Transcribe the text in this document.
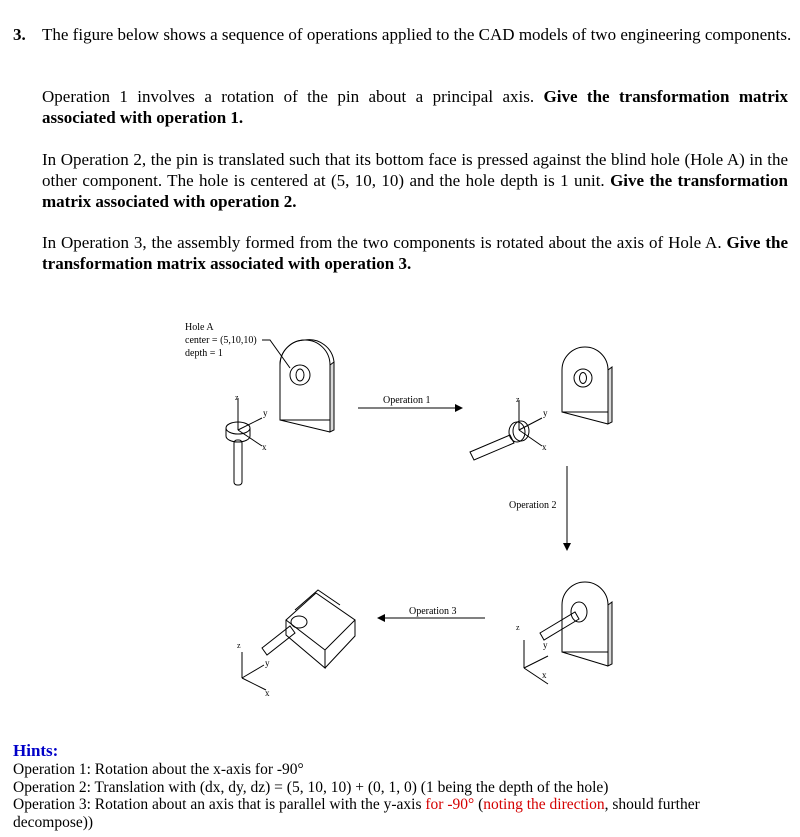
3. The figure below shows a sequence of operations applied to the CAD models of two engineering components.
Operation 1 involves a rotation of the pin about a principal axis. Give the transformation matrix associated with operation 1.
In Operation 2, the pin is translated such that its bottom face is pressed against the blind hole (Hole A) in the other component. The hole is centered at (5, 10, 10) and the hole depth is 1 unit. Give the transformation matrix associated with operation 2.
In Operation 3, the assembly formed from the two components is rotated about the axis of Hole A. Give the transformation matrix associated with operation 3.
Hole A
center = (5,10,10)
depth = 1
z
y
x
Operation 1	z
y
x
Operation 2
z
y
x
Operation 3
z
y
x
Hints:
Operation 1: Rotation about the x-axis for -90°
Operation 2: Translation with (dx, dy, dz) = (5, 10, 10) + (0, 1, 0) (1 being the depth of the hole)
Operation 3: Rotation about an axis that is parallel with the y-axis for -90° (noting the direction, should further decompose))
